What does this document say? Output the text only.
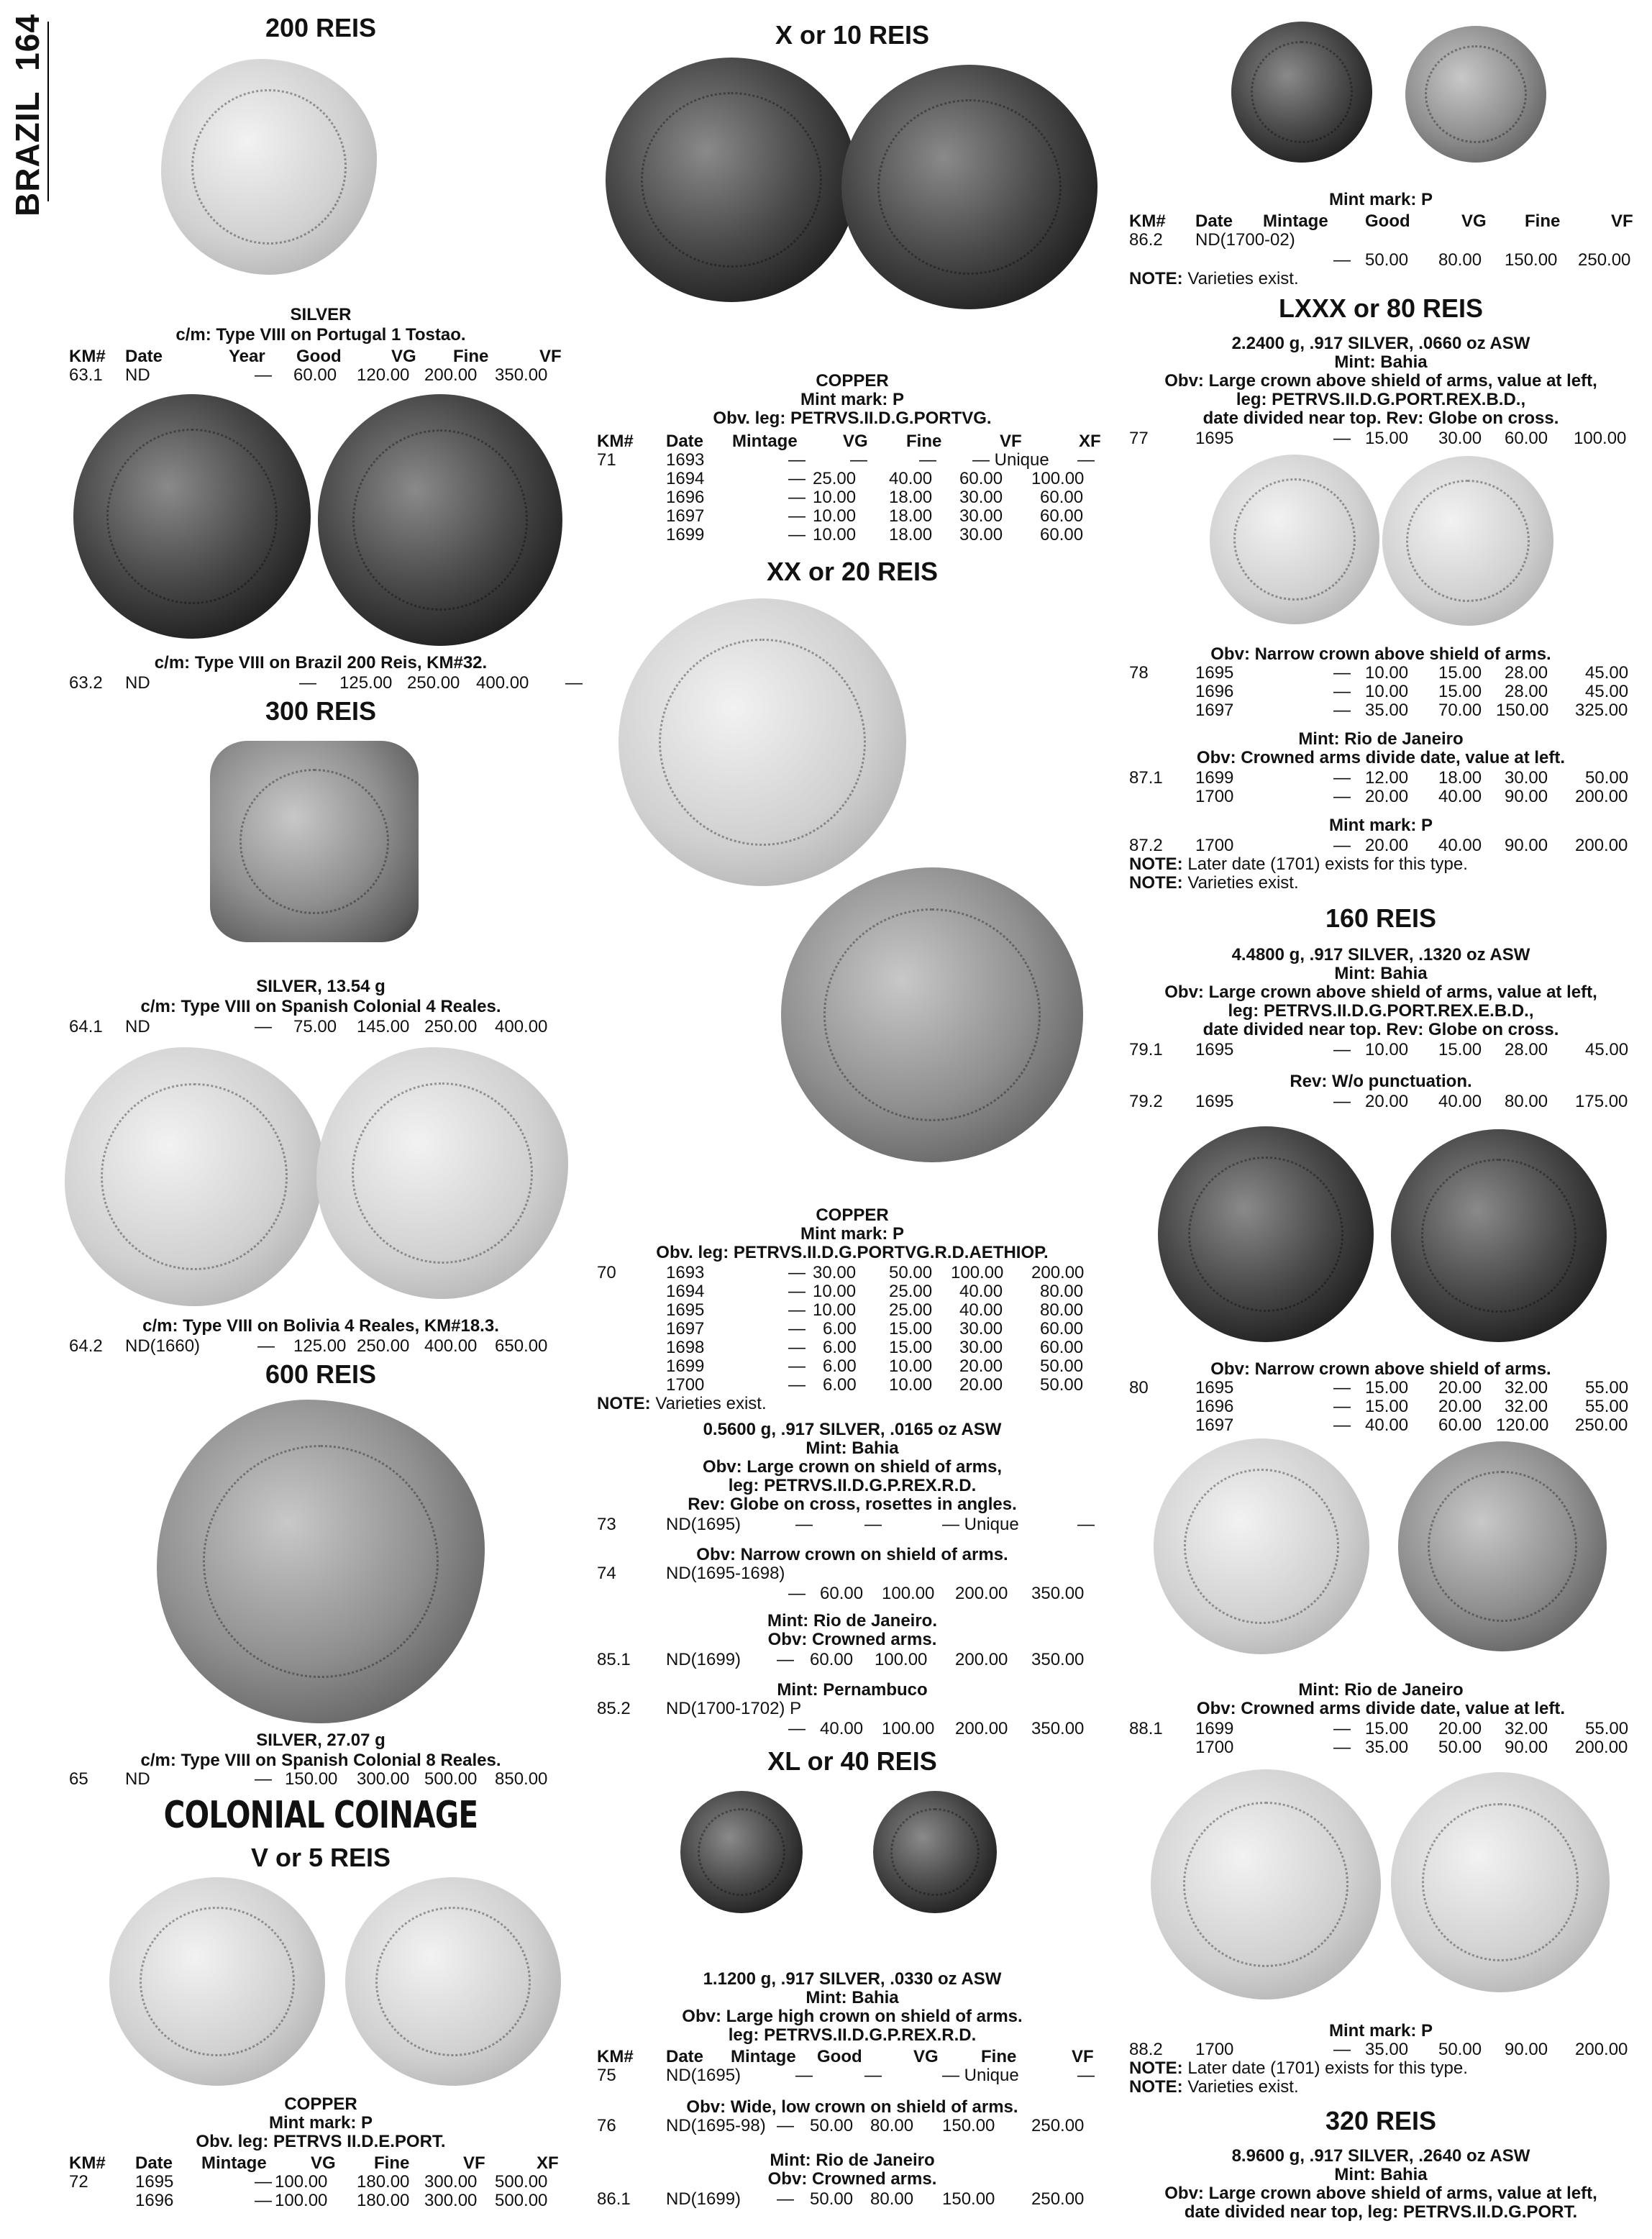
BRAZIL  164	200 REIS
SILVER
c/m: Type VIII on Portugal 1 Tostao.
KM# Date	Year Good	VG Fine	VF
63.1 ND	— 60.00 120.00 200.00 350.00
c/m: Type VIII on Brazil 200 Reis, KM#32.
63.2 ND	— 125.00 250.00 400.00 —
300 REIS
SILVER, 13.54 g
c/m: Type VIII on Spanish Colonial 4 Reales.
64.1 ND	— 75.00 145.00 250.00 400.00
c/m: Type VIII on Bolivia 4 Reales, KM#18.3.
64.2 ND(1660)	— 125.00 250.00 400.00 650.00
600 REIS
SILVER, 27.07 g
c/m: Type VIII on Spanish Colonial 8 Reales.
65 ND	— 150.00 300.00 500.00 850.00
COLONIAL COINAGE
V or 5 REIS
COPPER
Mint mark: P
Obv. leg: PETRVS II.D.E.PORT.
KM# Date Mintage	VG Fine	VF	XF
72	1695	— 100.00 180.00 300.00 500.00
1696	— 100.00 180.00 300.00 500.00
X or 10 REIS
COPPER
Mint mark: P
Obv. leg: PETRVS.II.D.G.PORTVG.
KM# Date Mintage	VG Fine	VF	XF
71	1693	—	—	— — Unique —
1694	— 25.00 40.00 60.00 100.00
1696	— 10.00 18.00 30.00 60.00
1697	— 10.00 18.00 30.00 60.00
1699	— 10.00 18.00 30.00 60.00
XX or 20 REIS
COPPER
Mint mark: P
Obv. leg: PETRVS.II.D.G.PORTVG.R.D.AETHIOP.
70	1693	— 30.00 50.00 100.00 200.00
1694	— 10.00 25.00 40.00 80.00
1695	— 10.00 25.00 40.00 80.00
1697	— 6.00 15.00 30.00 60.00
1698	— 6.00 15.00 30.00 60.00
1699	— 6.00 10.00 20.00 50.00
1700	— 6.00 10.00 20.00 50.00
NOTE: Varieties exist.
0.5600 g, .917 SILVER, .0165 oz ASW
Mint: Bahia
Obv: Large crown on shield of arms,
leg: PETRVS.II.D.G.P.REX.R.D.
Rev: Globe on cross, rosettes in angles.
73	ND(1695)	—	—	— Unique	—
Obv: Narrow crown on shield of arms.
74	ND(1695-1698)
— 60.00 100.00 200.00 350.00
Mint: Rio de Janeiro.
Obv: Crowned arms.
85.1 ND(1699) — 60.00 100.00 200.00 350.00
Mint: Pernambuco
85.2 ND(1700-1702) P
— 40.00 100.00 200.00 350.00
XL or 40 REIS
1.1200 g, .917 SILVER, .0330 oz ASW
Mint: Bahia
Obv: Large high crown on shield of arms.
leg: PETRVS.II.D.G.P.REX.R.D.
KM# Date Mintage Good	VG Fine	VF
75	ND(1695)	—	—	— Unique	—
Obv: Wide, low crown on shield of arms.
76	ND(1695-98) — 50.00 80.00 150.00 250.00
Mint: Rio de Janeiro
Obv: Crowned arms.
86.1 ND(1699) — 50.00 80.00 150.00 250.00
Mint mark: P
KM# Date Mintage Good	VG Fine	VF
86.2 ND(1700-02)
— 50.00 80.00 150.00 250.00
NOTE: Varieties exist.
LXXX or 80 REIS
2.2400 g, .917 SILVER, .0660 oz ASW
Mint: Bahia
Obv: Large crown above shield of arms, value at left,
leg: PETRVS.II.D.G.PORT.REX.B.D.,
date divided near top. Rev: Globe on cross.
77	1695	— 15.00 30.00 60.00 100.00
Obv: Narrow crown above shield of arms.
78	1695	— 10.00 15.00 28.00 45.00
1696	— 10.00 15.00 28.00 45.00
1697	— 35.00 70.00 150.00 325.00
Mint: Rio de Janeiro
Obv: Crowned arms divide date, value at left.
87.1 1699	— 12.00 18.00 30.00 50.00
1700	— 20.00 40.00 90.00 200.00
Mint mark: P
87.2 1700	— 20.00 40.00 90.00 200.00
NOTE: Later date (1701) exists for this type.
NOTE: Varieties exist.
160 REIS
4.4800 g, .917 SILVER, .1320 oz ASW
Mint: Bahia
Obv: Large crown above shield of arms, value at left,
leg: PETRVS.II.D.G.PORT.REX.E.B.D.,
date divided near top. Rev: Globe on cross.
79.1 1695	— 10.00 15.00 28.00 45.00
Rev: W/o punctuation.
79.2 1695	— 20.00 40.00 80.00 175.00
Obv: Narrow crown above shield of arms.
80	1695	— 15.00 20.00 32.00 55.00
1696	— 15.00 20.00 32.00 55.00
1697	— 40.00 60.00 120.00 250.00
Mint: Rio de Janeiro
Obv: Crowned arms divide date, value at left.
88.1 1699	— 15.00 20.00 32.00 55.00
1700	— 35.00 50.00 90.00 200.00
Mint mark: P
88.2 1700	— 35.00 50.00 90.00 200.00
NOTE: Later date (1701) exists for this type.
NOTE: Varieties exist.
320 REIS
8.9600 g, .917 SILVER, .2640 oz ASW
Mint: Bahia
Obv: Large crown above shield of arms, value at left,
date divided near top, leg: PETRVS.II.D.G.PORT.
